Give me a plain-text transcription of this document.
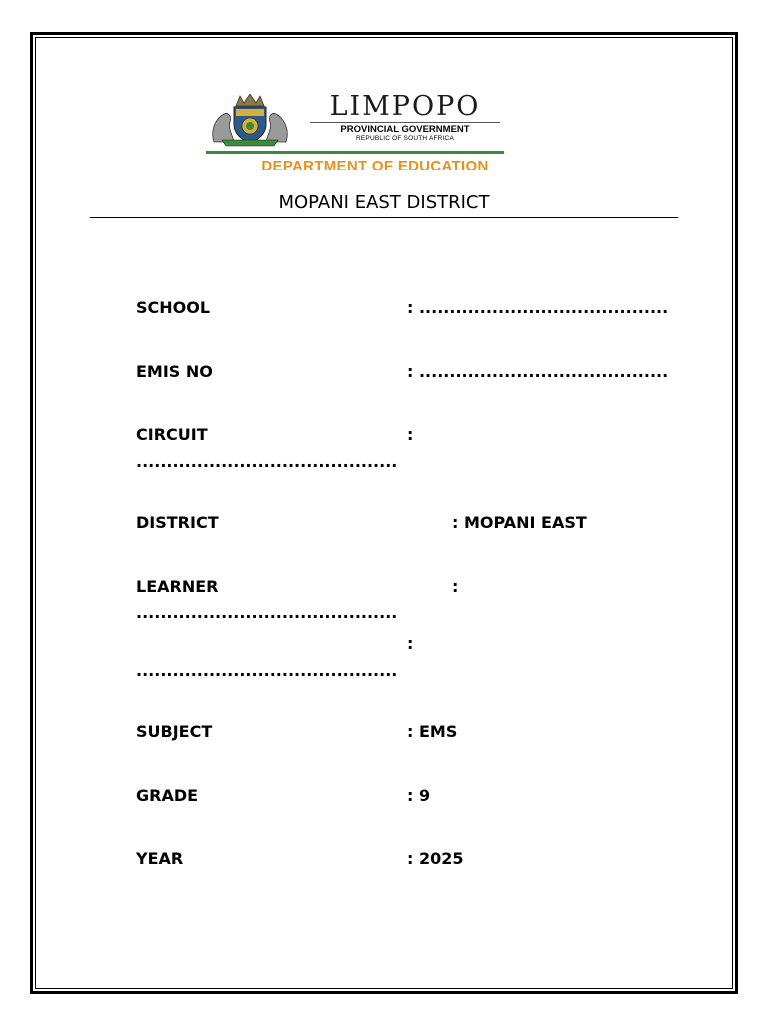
LIMPOPO
PROVINCIAL GOVERNMENT
REPUBLIC OF SOUTH AFRICA
DEPARTMENT OF EDUCATION
MOPANI EAST DISTRICT
SCHOOL	: .........................................
EMIS NO	: .........................................
CIRCUIT	:
...........................................
DISTRICT	: MOPANI EAST
LEARNER	:
...........................................
:
...........................................
SUBJECT	: EMS
GRADE	: 9
YEAR	: 2025
